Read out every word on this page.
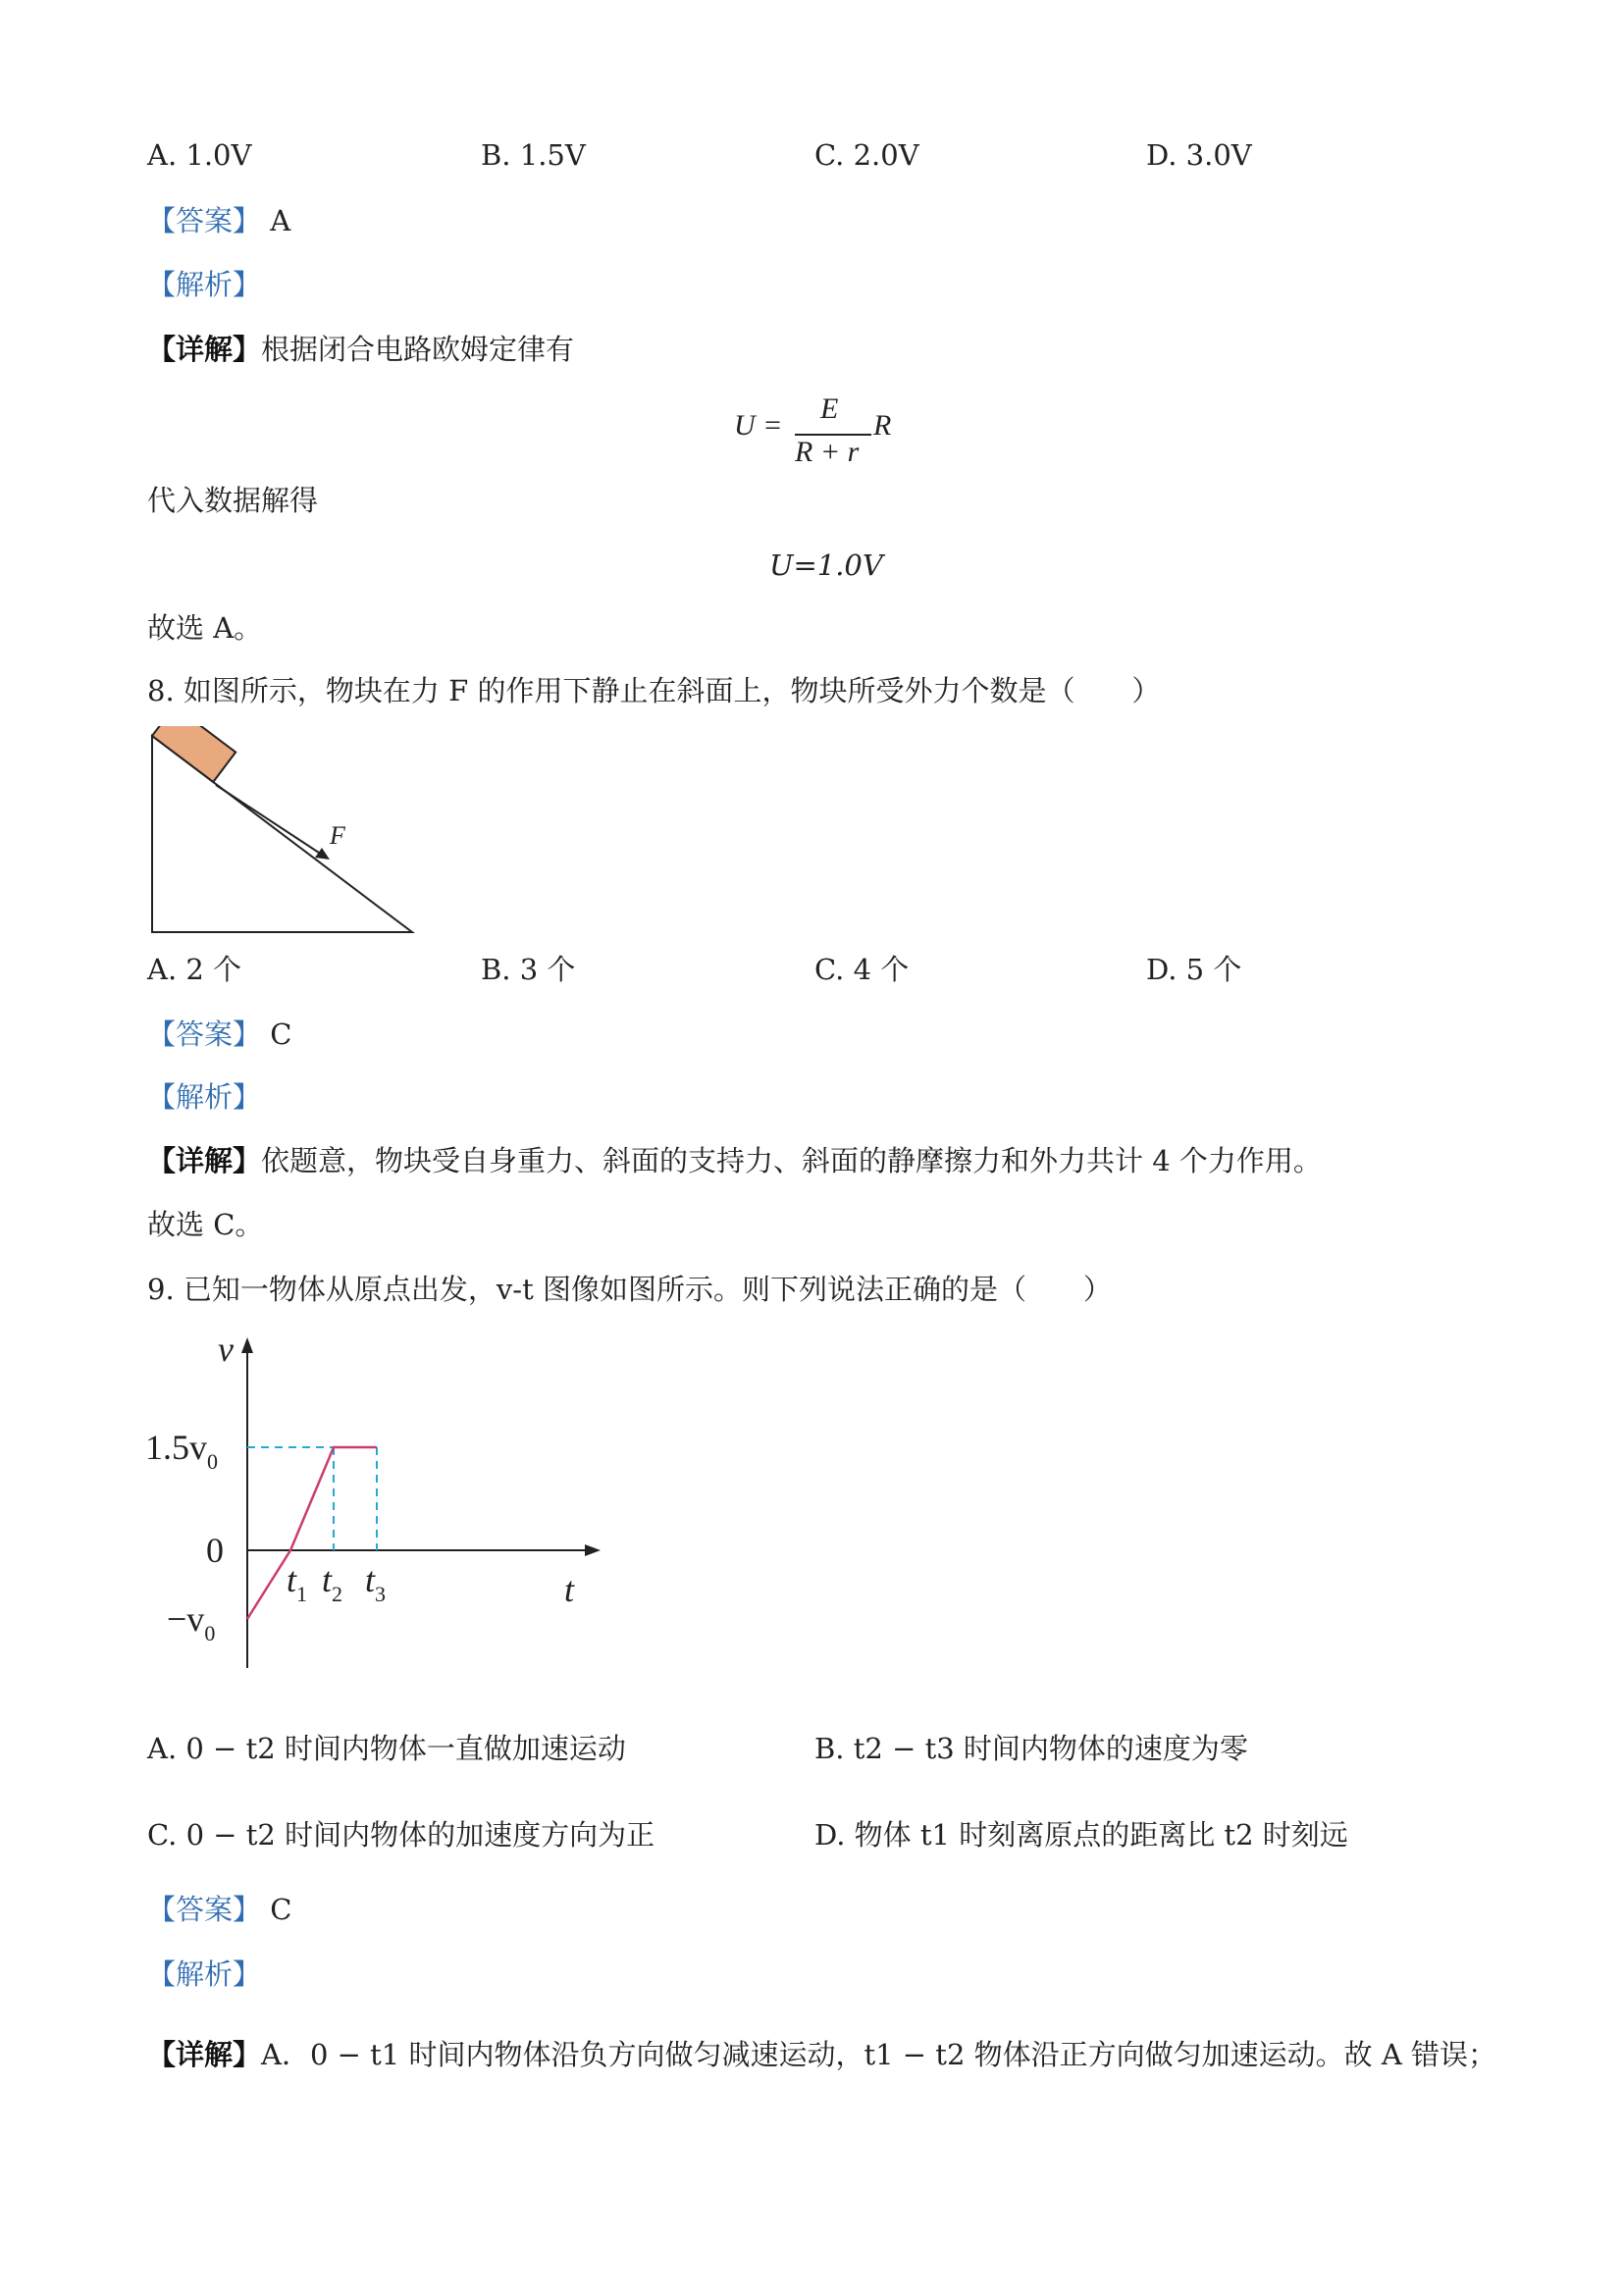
A. 1.0V	B. 1.5V	C. 2.0V	D. 3.0V
【答案】 A
【解析】
【详解】根据闭合电路欧姆定律有
U =
E
R + r
R
代入数据解得
U=1.0V
故选 A。
8. 如图所示，物块在力 F 的作用下静止在斜面上，物块所受外力个数是（　　）
F
A. 2 个	B. 3 个	C. 4 个	D. 5 个
【答案】 C
【解析】
【详解】依题意，物块受自身重力、斜面的支持力、斜面的静摩擦力和外力共计 4 个力作用。
故选 C。
9. 已知一物体从原点出发，v-t 图像如图所示。则下列说法正确的是（　　）
v
t
$1.5v_0$
0
$-v_0$
$t_1$ $t_2$ $t_3$
A. 0 − t2 时间内物体一直做加速运动	B. t2 − t3 时间内物体的速度为零
C. 0 − t2 时间内物体的加速度方向为正	D. 物体 t1 时刻离原点的距离比 t2 时刻远
【答案】 C
【解析】
【详解】A．0 − t1 时间内物体沿负方向做匀减速运动，t1 − t2 物体沿正方向做匀加速运动。故 A 错误；
